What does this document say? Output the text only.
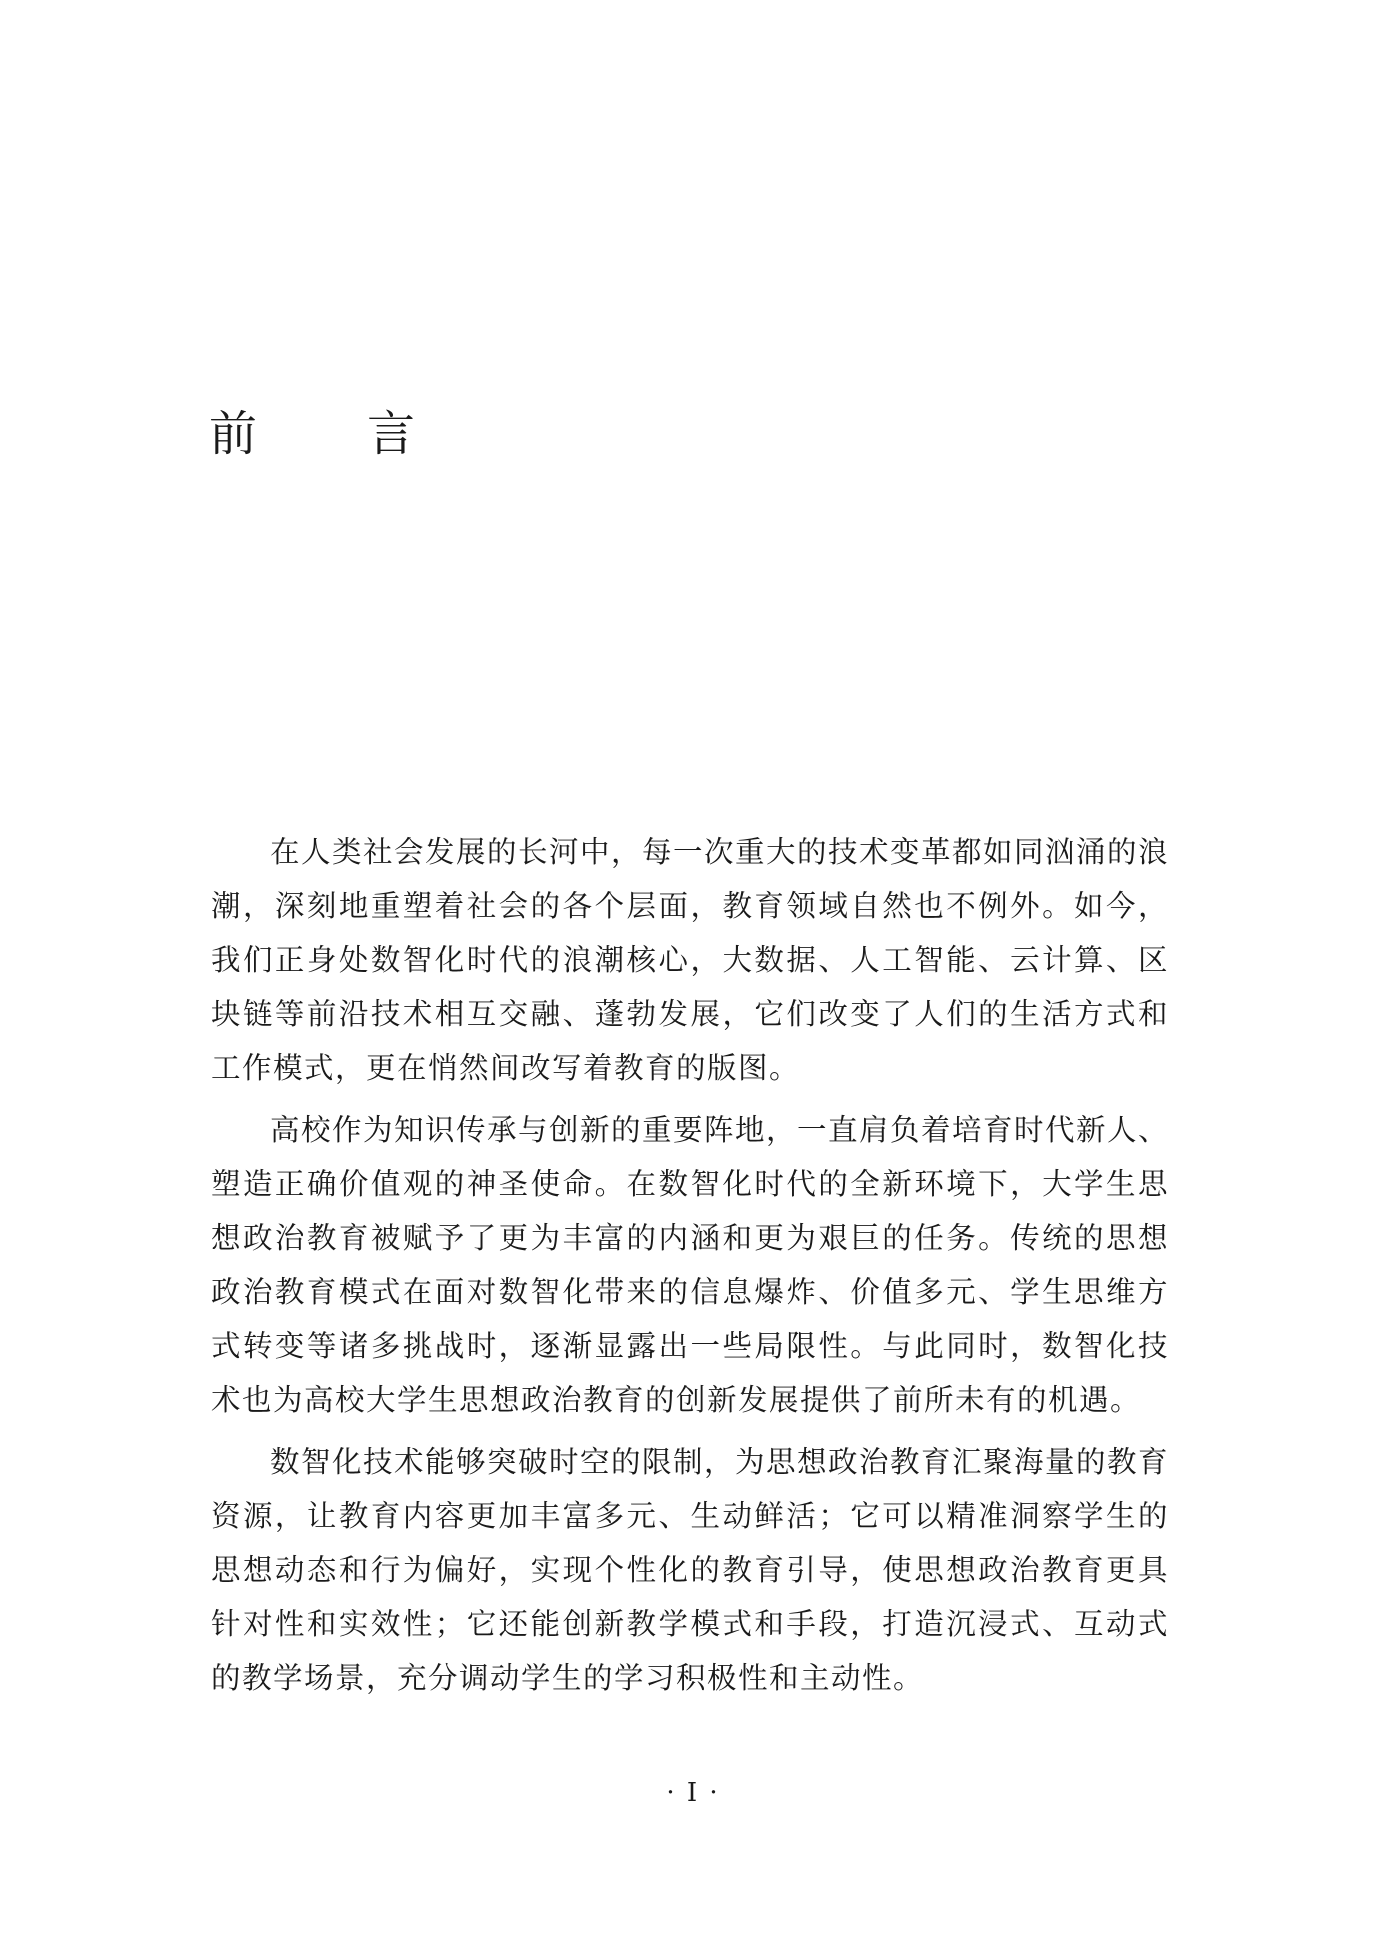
前 言

在人类社会发展的长河中，每一次重大的技术变革都如同汹涌的浪潮，深刻地重塑着社会的各个层面，教育领域自然也不例外。如今，我们正身处数智化时代的浪潮核心，大数据、人工智能、云计算、区块链等前沿技术相互交融、蓬勃发展，它们改变了人们的生活方式和工作模式，更在悄然间改写着教育的版图。

高校作为知识传承与创新的重要阵地，一直肩负着培育时代新人、塑造正确价值观的神圣使命。在数智化时代的全新环境下，大学生思想政治教育被赋予了更为丰富的内涵和更为艰巨的任务。传统的思想政治教育模式在面对数智化带来的信息爆炸、价值多元、学生思维方式转变等诸多挑战时，逐渐显露出一些局限性。与此同时，数智化技术也为高校大学生思想政治教育的创新发展提供了前所未有的机遇。

数智化技术能够突破时空的限制，为思想政治教育汇聚海量的教育资源，让教育内容更加丰富多元、生动鲜活；它可以精准洞察学生的思想动态和行为偏好，实现个性化的教育引导，使思想政治教育更具针对性和实效性；它还能创新教学模式和手段，打造沉浸式、互动式的教学场景，充分调动学生的学习积极性和主动性。

· I ·
